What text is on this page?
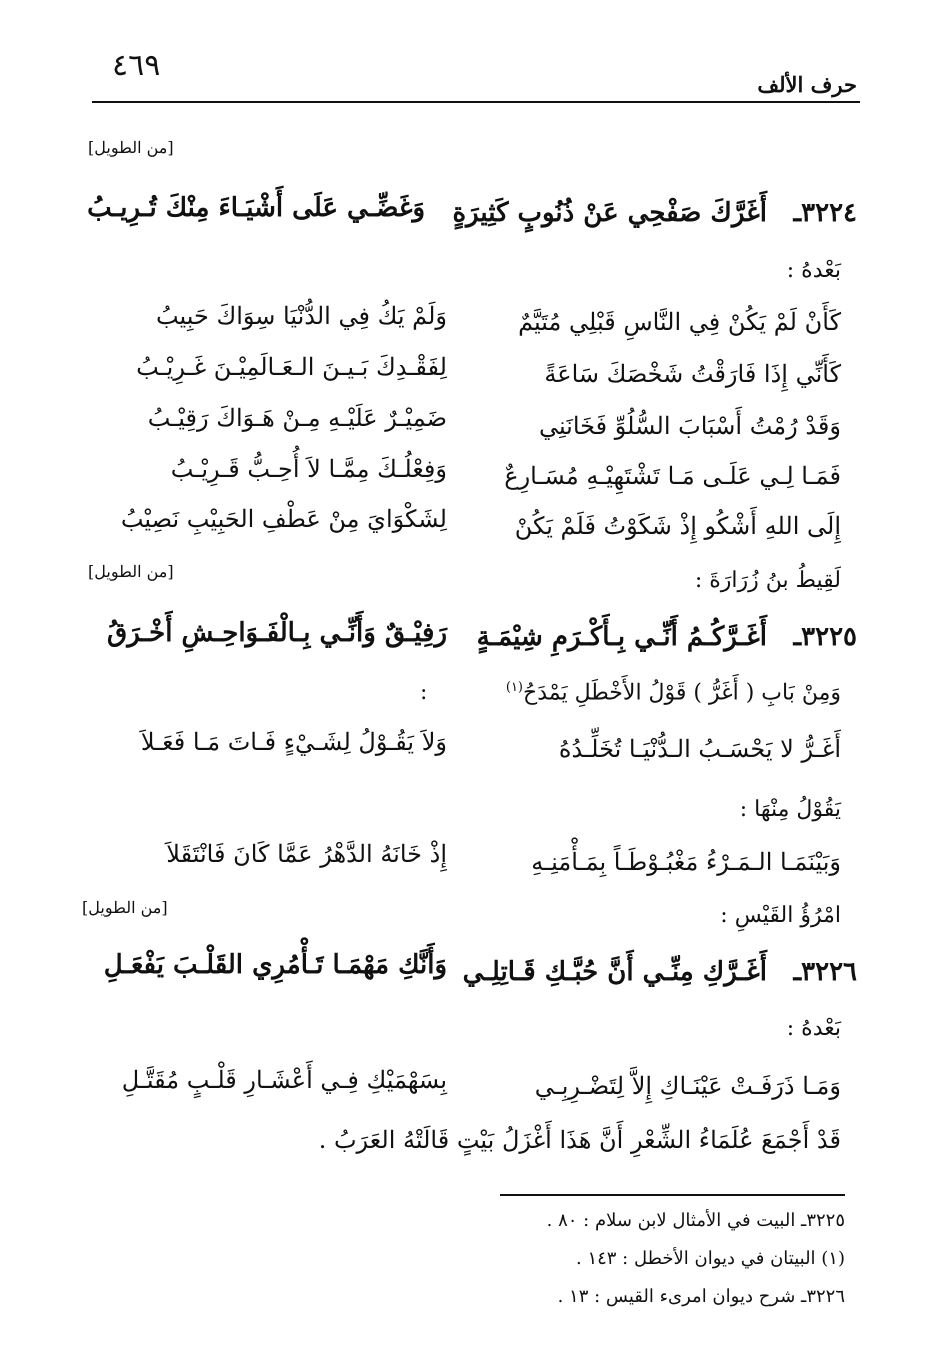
٤٦٩
حرف الألف
[من الطويل]
٣٢٢٤ـ
أَغَرَّكَ صَفْحِي عَنْ ذُنُوبٍ كَثِيرَةٍ
وَغَضِّـي عَلَى أَشْيَـاءَ مِنْكَ تُـرِيـبُ
بَعْدهُ :
كَأَنْ لَمْ يَكُنْ فِي النَّاسِ قَبْلِي مُتَيَّمٌ
وَلَمْ يَكُ فِي الدُّنْيَا سِوَاكَ حَبِيبُ
كَأَنِّي إِذَا فَارَقْتُ شَخْصَكَ سَاعَةً
لِفَقْـدِكَ بَـيـنَ الـعَـالَمِيْـنَ غَـرِيْـبُ
وَقَدْ رُمْتُ أَسْبَابَ السُّلُوِّ فَخَانَنِي
ضَمِيْـرٌ عَلَيْـهِ مِـنْ هَـوَاكَ رَقِيْـبُ
فَمَـا لِـي عَلَـى مَـا تَشْتَهِيْـهِ مُسَـارِعٌ
وَفِعْلُـكَ مِمَّـا لاَ أُحِـبُّ قَـرِيْـبُ
إِلَى اللهِ أَشْكُو إِذْ شَكَوْتُ فَلَمْ يَكُنْ
لِشَكْوَايَ مِنْ عَطْفِ الحَبِيْبِ نَصِيْبُ
[من الطويل]	لَقِيطُ بنُ زُرَارَةَ :
٣٢٢٥ـ
أَغَـرَّكُـمُ أَنِّـي بِـأَكْـرَمِ شِيْمَـةٍ
رَفِيْـقٌ وَأَنِّـي بِـالْفَـوَاحِـشِ أَخْـرَقُ
وَمِنْ بَابِ ( أَغَرُّ ) قَوْلُ الأَخْطَلِ يَمْدَحُ$^{(١)}$
:
أَغَـرُّ لا يَحْسَـبُ الـدُّنْيَـا تُخَلِّـدُهُ
وَلاَ يَقُـوْلُ لِشَـيْءٍ فَـاتَ مَـا فَعَـلاَ
يَقُوْلُ مِنْهَا :
وَبَيْنَمَـا الـمَـرْءُ مَغْبُـوْطَـاً بِمَـأْمَنِـهِ
إِذْ خَانَهُ الدَّهْرُ عَمَّا كَانَ فَانْتَقَلاَ
[من الطويل]	امْرُؤُ القَيْسِ :
٣٢٢٦ـ
أَغَـرَّكِ مِنِّـي أَنَّ حُبَّـكِ قَـاتِلِـي
وَأَنَّكِ مَهْمَـا تَـأْمُرِي القَلْـبَ يَفْعَـلِ
بَعْدهُ :
وَمَـا ذَرَفَـتْ عَيْنَـاكِ إِلاَّ لِتَضْـرِبِـي
بِسَهْمَيْكِ فِـي أَعْشَـارِ قَلْـبٍ مُقَتَّـلِ
قَدْ أَجْمَعَ عُلَمَاءُ الشِّعْرِ أَنَّ هَذَا أَغْزَلُ بَيْتٍ قَالَتْهُ العَرَبُ .
٣٢٢٥ـ البيت في الأمثال لابن سلام : ٨٠ .
(١) البيتان في ديوان الأخطل : ١٤٣ .
٣٢٢٦ـ شرح ديوان امرىء القيس : ١٣ .
